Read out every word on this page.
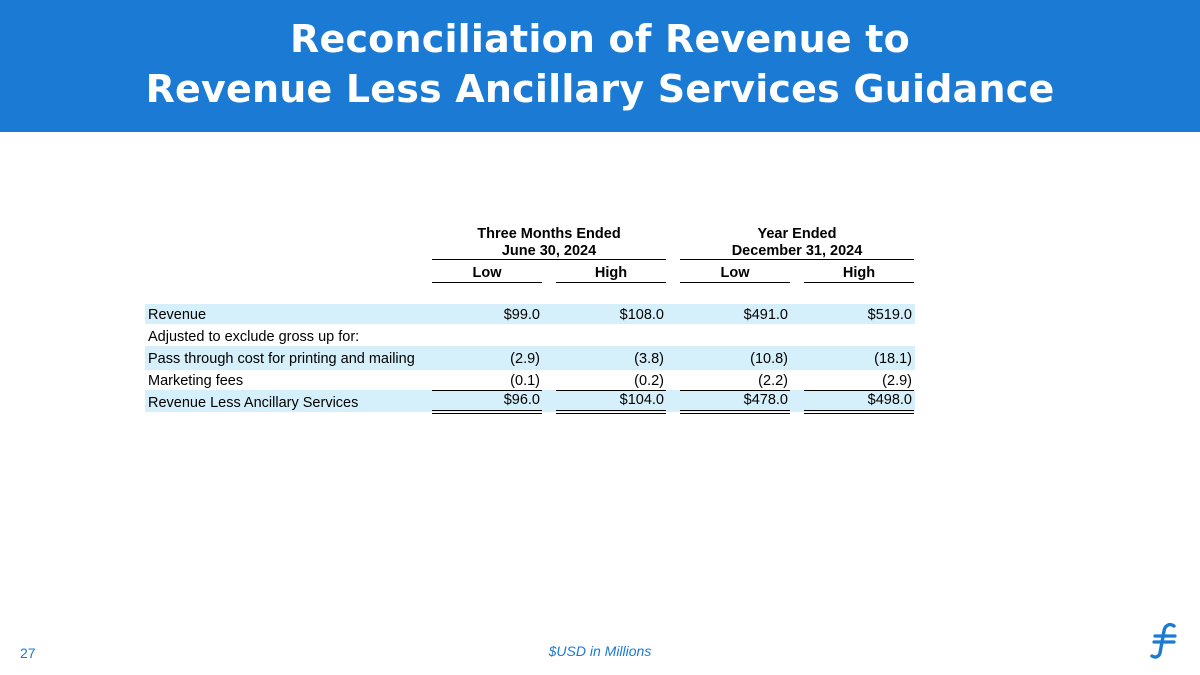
Reconciliation of Revenue to
Revenue Less Ancillary Services Guidance
Three Months Ended
June 30, 2024
Year Ended
December 31, 2024
Low	High	Low	High
Revenue	$99.0	$108.0	$491.0	$519.0
Adjusted to exclude gross up for:
Pass through cost for printing and mailing	(2.9)	(3.8)	(10.8)	(18.1)
Marketing fees	(0.1)	(0.2)	(2.2)	(2.9)
Revenue Less Ancillary Services	$96.0	$104.0	$478.0	$498.0
27	$USD in Millions
